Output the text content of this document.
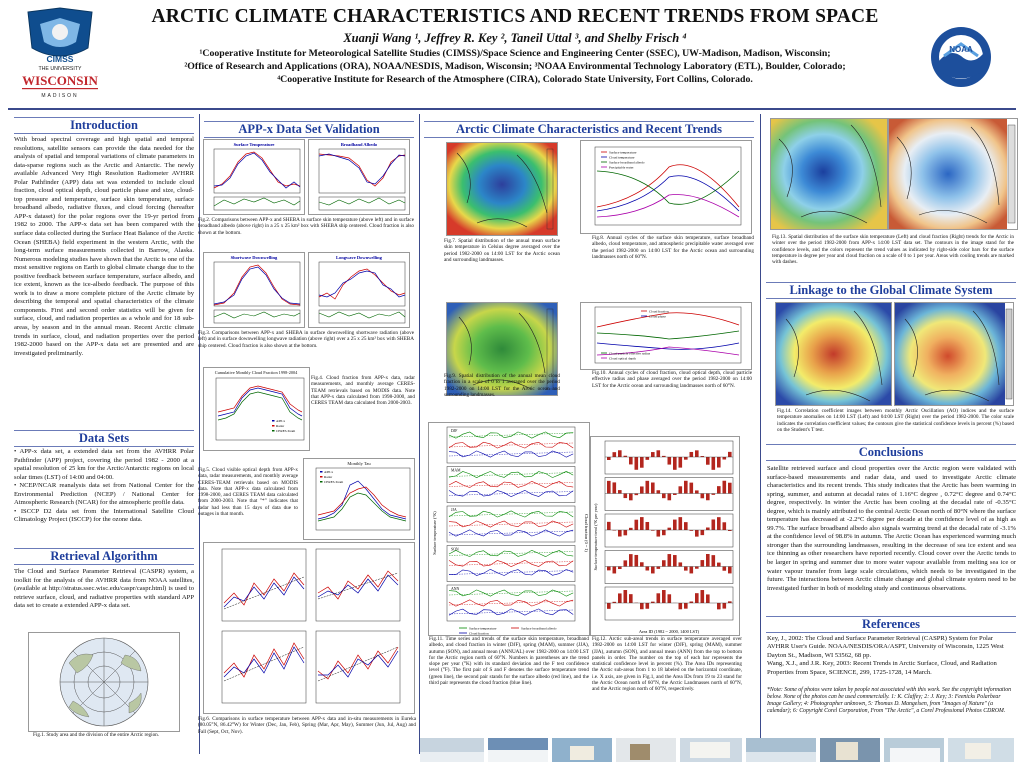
CIMSS
THE UNIVERSITY
WISCONSIN
MADISON
ARCTIC CLIMATE CHARACTERISTICS AND RECENT TRENDS FROM SPACE
Xuanji Wang ¹, Jeffrey R. Key ², Taneil Uttal ³, and Shelby Frisch ⁴
¹Cooperative Institute for Meteorological Satellite Studies (CIMSS)/Space Science and Engineering Center (SSEC), UW-Madison, Madison, Wisconsin;
²Office of Research and Applications (ORA), NOAA/NESDIS, Madison, Wisconsin; ³NOAA Environmental Technology Laboratory (ETL), Boulder, Colorado;
⁴Cooperative Institute for Research of the Atmosphere (CIRA), Colorado State University, Fort Collins, Colorado.
NOAA
Introduction
With broad spectral coverage and high spatial and temporal resolutions, satellite sensors can provide the data needed for the analysis of spatial and temporal variations of climate parameters in data-sparse regions such as the Arctic and Antarctic. The newly available Advanced Very High Resolution Radiometer AVHRR Polar Pathfinder (APP) data set was extended to include cloud fraction, cloud optical depth, cloud particle phase and size, cloud-top pressure and temperature, surface skin temperature, surface broadband albedo, radiative fluxes, and cloud forcing (hereafter APP-x dataset) for the polar regions over the 19-yr period from 1982 to 2000. The APP-x data set has been compared with the surface data collected during the Surface Heat Balance of the Arctic Ocean (SHEBA) field experiment in the western Arctic, with the long-term surface measurements collected in Barrow, Alaska. Numerous modeling studies have shown that the Arctic is one of the most sensitive regions on Earth to global climate change due to the positive feedback between surface temperature, surface albedo, and ice extent, known as the ice-albedo feedback. The purpose of this work is to draw a more complete picture of the Arctic climate by describing the temporal and spatial characteristics of the climate components. First and second order statistics will be given for surface, cloud, and radiation properties as a whole and for 18 sub-areas, by season and in the annual mean. Recent Arctic climate trends in surface, cloud, and radiation properties over the period 1982-2000 based on the APP-x data set are presented and are investigated preliminarily.
Data Sets
• APP-x data set, a extended data set from the AVHRR Polar Pathfinder (APP) project, covering the period 1982 - 2000 at a spatial resolution of 25 km for the Arctic/Antarctic regions on local solar times (LST) of 14:00 and 04:00.
• NCEP/NCAR reanalysis data set from National Center for the Environmental Prediction (NCEP) / National Center for Atmospheric Research (NCAR) for the atmospheric profile data.
• ISCCP D2 data set from the International Satellite Cloud Climatology Project (ISCCP) for the ozone data.
Retrieval Algorithm
The Cloud and Surface Parameter Retrieval (CASPR) system, a toolkit for the analysis of the AVHRR data from NOAA satellites, (available at http://stratus.ssec.wisc.edu/caspr/caspr.html) is used to retrieve surface, cloud, and radiative properties with standard APP data set to create a extended APP-x data set.
Fig.1. Study area and the division of the entire Arctic region.
APP-x Data Set Validation
Surface Temperature	Broadband Albedo
Fig.2. Comparisons between APP-x and SHEBA in surface skin temperature (above left) and in surface broadband albedo (above right) in a 25 x 25 km² box with SHEBA ship centered. Cloud fraction is also shown at the bottom.
Shortwave Downwelling	Longwave Downwelling
Fig.3. Comparisons between APP-x and SHEBA in surface downwelling shortwave radiation (above left) and in surface downwelling longwave radiation (above right) over a 25 x 25 km² box with SHEBA ship centered. Cloud fraction is also shown at the bottom.
Cumulative Monthly Cloud Fraction 1998-2004
APP-x
Radar
CERES-Team
Fig.4. Cloud fraction from APP-x data, radar measurements, and monthly average CERES-TEAM retrievals based on MODIS data. Note that APP-x data calculated from 1998-2000, and CERES TEAM data calculated from 2000-2003.
Monthly Tau
APP-x
Radar
CERES-Team
Fig.5. Cloud visible optical depth from APP-x data, radar measurements, and monthly average CERES-TEAM retrievals based on MODIS data. Note that APP-x data calculated from 1998-2000, and CERES TEAM data calculated from 2000-2003. Note that "*" indicates that radar had less than 15 days of data due to outages in that month.
Fig.6. Comparisons in surface temperature between APP-x data and in-situ measurements in Eureka (80.05°N, 86.42°W) for Winter (Dec, Jan, Feb), Spring (Mar, Apr, May), Summer (Jun, Jul, Aug) and Fall (Sept, Oct, Nov).
Arctic Climate Characteristics and Recent Trends
Fig.7. Spatial distribution of the annual mean surface skin temperature in Celsius degree averaged over the period 1982-2000 on 14:00 LST for the Arctic ocean and surrounding landmasses.
Surface temperature
Cloud temperature
Surface broadband albedo
Precipitable water
Fig.8. Annual cycles of the surface skin temperature, surface broadband albedo, cloud temperature, and atmospheric precipitable water averaged over the period 1982-2000 on 14:00 LST for the Arctic ocean and surrounding landmasses north of 60°N.
Fig.9. Spatial distribution of the annual mean cloud fraction in a scale of 0 to 1 averaged over the period 1982-2000 on 14:00 LST for the Arctic ocean and surrounding landmasses.
Cloud fraction
Cloud phase
Cloud particle effective radius
Cloud optical depth
Fig.10. Annual cycles of cloud fraction, cloud optical depth, cloud particle effective radius and phase averaged over the period 1982-2000 on 14:00 LST for the Arctic ocean and surrounding landmasses north of 60°N.
Surface temperature (°K)	Cloud fraction (0 ~ 1)
DJF
MAM
JJA
SON
ANN
Surface temperature	Surface broadband albedo
Cloud fraction
Fig.11. Time series and trends of the surface skin temperature, broadband albedo, and cloud fraction in winter (DJF), spring (MAM), summer (JJA), autumn (SON), and annual mean (ANNUAL) over 1982-2000 on 14:00 LST for the Arctic region north of 60°N. Numbers in parentheses are the trend slope per year (°K) with its standard deviation and the F test confidence level (°F). The first pair of S and F denotes the surface temperature trend (green line), the second pair stands for the surface albedo (red line), and the third pair represents the cloud fraction (blue line).
Surface temperature trend (°K per year)
Area ID (1982 ~ 2000, 1400 LST)
Fig.12. Arctic sub-areal trends in surface temperature averaged over 1982-2000 on 14:00 LST for winter (DJF), spring (MAM), summer (JJA), autumn (SON), and annual mean (ANN) from the top to bottom panels in order. The number on the top of each bar represents the statistical confidence level in percent (%). The Area IDs representing the Arctic sub-areas from 1 to 18 labeled on the horizontal coordinate, i.e. X axis, are given in Fig.1, and the Area IDs from 19 to 23 stand for the Arctic Ocean north of 60°N, the Arctic Landmasses north of 60°N, and the Arctic region north of 60°N, respectively.
Fig.13. Spatial distribution of the surface skin temperature (Left) and cloud fraction (Right) trends for the Arctic in winter over the period 1982-2000 from APP-x 14:00 LST data set. The contours in the image stand for the confidence levels, and the colors represent the trend values as indicated by right-side color bars for the surface temperature in degree per year and cloud fraction on a scale of 0 to 1 per year. Areas with cooling trends are marked with dashes.
Linkage to the Global Climate System
Fig.14. Correlation coefficient images between monthly Arctic Oscillation (AO) indices and the surface temperature anomalies on 14:00 LST (Left) and 04:00 LST (Right) over the period 1982-2000. The color scale indicates the correlation coefficient values; the contours give the statistical confidence levels in percent (%) based on the Student's T test.
Conclusions
Satellite retrieved surface and cloud properties over the Arctic region were validated with surface-based measurements and radar data, and used to investigate Arctic climate characteristics and its recent trends. This study indicates that the Arctic has been warming in spring, summer, and autumn at decadal rates of 1.16°C degree , 0.72°C degree and 0.74°C degree, respectively. In winter the Arctic has been cooling at the decadal rate of -0.35°C degree, which is mainly attributed to the central Arctic Ocean north of 80°N where the surface temperature has decreased at -2.2°C degree per decade at the confidence level of as high as 99.7%. The surface broadband albedo also signals warming trend at the decadal rate of -3.1% at the confidence level of 98.8% in autumn. The Arctic Ocean has experienced warming much stronger than the surrounding landmasses, resulting in the decrease of sea ice extent and sea ice thinning as other researchers have reported recently. Cloud cover over the Arctic tends to be larger in spring and summer due to more water vapour available from melting sea ice or water vapour transfer from large scale circulations, which needs to be investigated in the future. The interactions between Arctic climate change and global climate system need to be investigated further in both of modeling study and continuous observations.
References
Key, J., 2002: The Cloud and Surface Parameter Retrieval (CASPR) System for Polar AVHRR User's Guide. NOAA/NESDIS/ORA/ASPT, University of Wisconsin, 1225 West Dayton St., Madison, WI 53562, 68 pp.
Wang, X.J., and J.R. Key, 2003: Recent Trends in Arctic Surface, Cloud, and Radiation Properties from Space, SCIENCE, 299, 1725-1728, 14 March.
*Note: Some of photos were taken by people not associated with this work. See the copyright information below. None of the photos can be used commercially. 1: K. Claffey; 2: J. Key; 3: Feenicks Polarbear Image Gallery; 4: Photographer unknown, 5: Thomas D. Mangelsen, from "Images of Nature" (a calendar); 6: Copyright Corel Corporation, From "The Arctic", a Corel Professional Photos CDROM.
